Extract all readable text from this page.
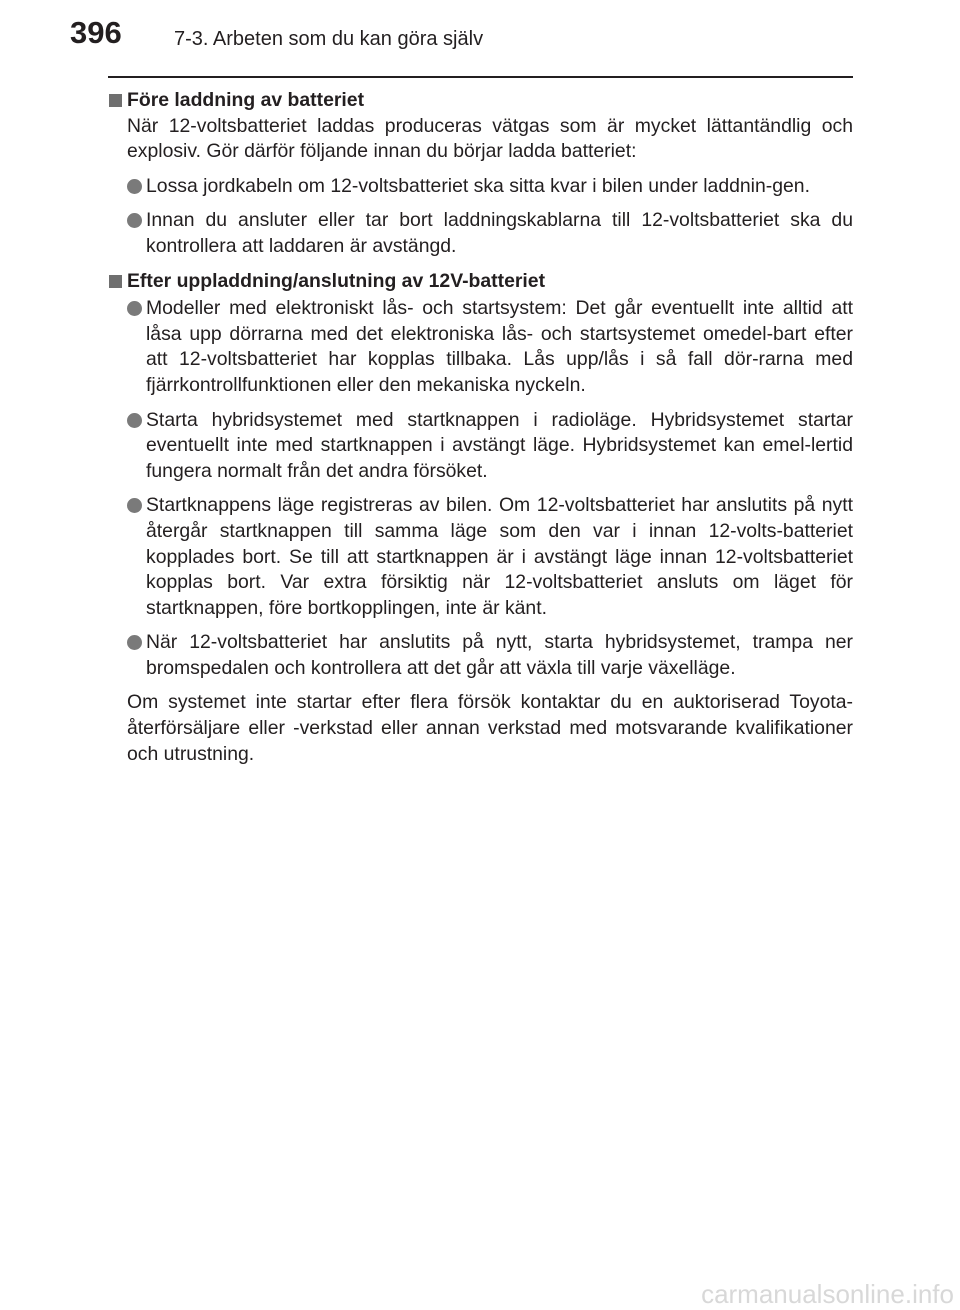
396	7-3. Arbeten som du kan göra själv
Före laddning av batteriet

När 12-voltsbatteriet laddas produceras vätgas som är mycket lättantändlig och explosiv. Gör därför följande innan du börjar ladda batteriet:

Lossa jordkabeln om 12-voltsbatteriet ska sitta kvar i bilen under laddnin-gen.
Innan du ansluter eller tar bort laddningskablarna till 12-voltsbatteriet ska du kontrollera att laddaren är avstängd.
Efter uppladdning/anslutning av 12V-batteriet
Modeller med elektroniskt lås- och startsystem: Det går eventuellt inte alltid att låsa upp dörrarna med det elektroniska lås- och startsystemet omedel-bart efter att 12-voltsbatteriet har kopplas tillbaka. Lås upp/lås i så fall dör-rarna med fjärrkontrollfunktionen eller den mekaniska nyckeln.
Starta hybridsystemet med startknappen i radioläge. Hybridsystemet startar eventuellt inte med startknappen i avstängt läge. Hybridsystemet kan emel-lertid fungera normalt från det andra försöket.
Startknappens läge registreras av bilen. Om 12-voltsbatteriet har anslutits på nytt återgår startknappen till samma läge som den var i innan 12-volts-batteriet kopplades bort. Se till att startknappen är i avstängt läge innan 12-voltsbatteriet kopplas bort. Var extra försiktig när 12-voltsbatteriet ansluts om läget för startknappen, före bortkopplingen, inte är känt.
När 12-voltsbatteriet har anslutits på nytt, starta hybridsystemet, trampa ner bromspedalen och kontrollera att det går att växla till varje växelläge.

Om systemet inte startar efter flera försök kontaktar du en auktoriserad Toyota-återförsäljare eller -verkstad eller annan verkstad med motsvarande kvalifikationer och utrustning.

carmanualsonline.info
